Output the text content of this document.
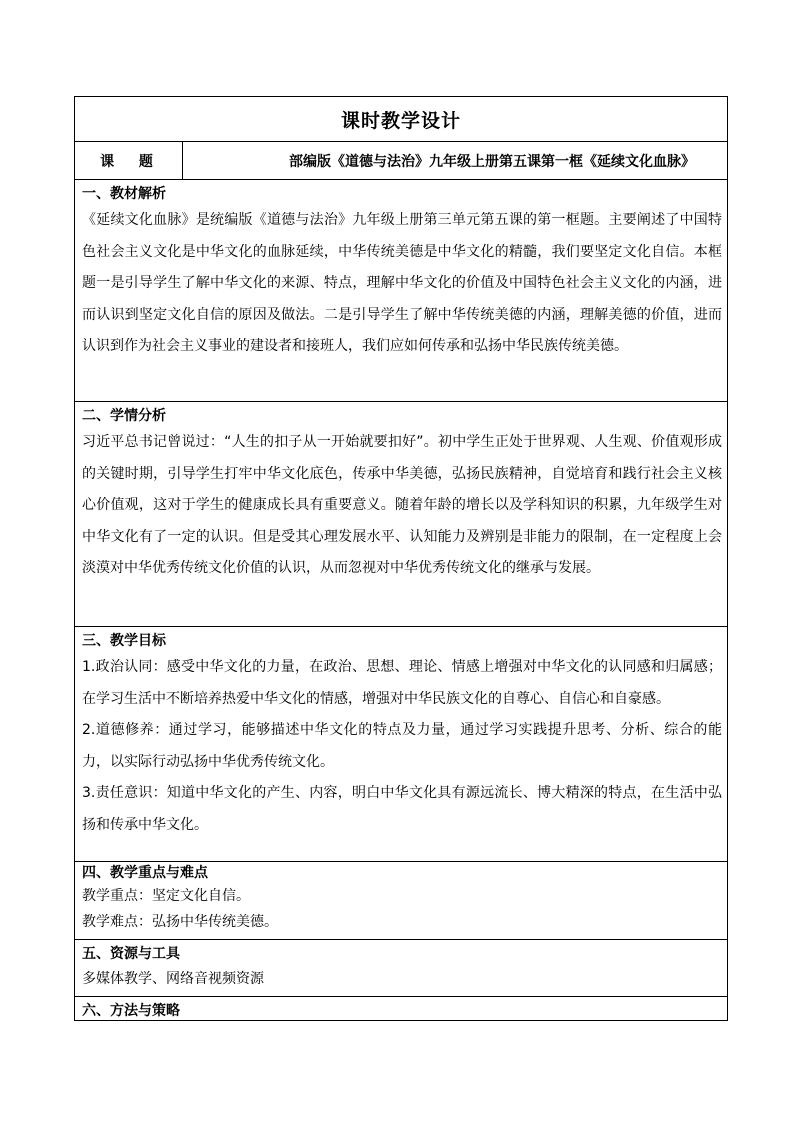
课时教学设计
课 题	部编版《道德与法治》九年级上册第五课第一框《延续文化血脉》
一、教材解析

《延续文化血脉》是统编版《道德与法治》九年级上册第三单元第五课的第一框题。主要阐述了中国特色社会主义文化是中华文化的血脉延续，中华传统美德是中华文化的精髓，我们要坚定文化自信。本框题一是引导学生了解中华文化的来源、特点，理解中华文化的价值及中国特色社会主义文化的内涵，进而认识到坚定文化自信的原因及做法。二是引导学生了解中华传统美德的内涵，理解美德的价值，进而认识到作为社会主义事业的建设者和接班人，我们应如何传承和弘扬中华民族传统美德。

二、学情分析

习近平总书记曾说过：“人生的扣子从一开始就要扣好”。初中学生正处于世界观、人生观、价值观形成的关键时期，引导学生打牢中华文化底色，传承中华美德，弘扬民族精神，自觉培育和践行社会主义核心价值观，这对于学生的健康成长具有重要意义。随着年龄的增长以及学科知识的积累，九年级学生对中华文化有了一定的认识。但是受其心理发展水平、认知能力及辨别是非能力的限制，在一定程度上会淡漠对中华优秀传统文化价值的认识，从而忽视对中华优秀传统文化的继承与发展。

三、教学目标

1.政治认同：感受中华文化的力量，在政治、思想、理论、情感上增强对中华文化的认同感和归属感；在学习生活中不断培养热爱中华文化的情感，增强对中华民族文化的自尊心、自信心和自豪感。

2.道德修养：通过学习，能够描述中华文化的特点及力量，通过学习实践提升思考、分析、综合的能力，以实际行动弘扬中华优秀传统文化。

3.责任意识：知道中华文化的产生、内容，明白中华文化具有源远流长、博大精深的特点，在生活中弘扬和传承中华文化。

四、教学重点与难点

教学重点：坚定文化自信。

教学难点：弘扬中华传统美德。

五、资源与工具

多媒体教学、网络音视频资源

六、方法与策略
